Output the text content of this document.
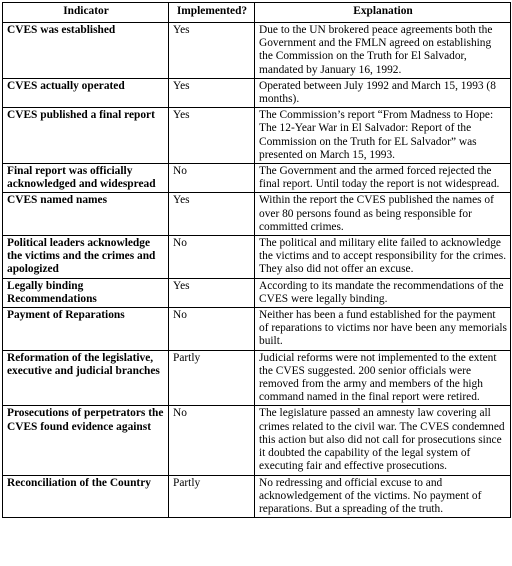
Indicator	Implemented?	Explanation
CVES was established	Yes	Due to the UN brokered peace agreements both the Government and the FMLN agreed on establishing the Commission on the Truth for El Salvador, mandated by January 16, 1992.
CVES actually operated	Yes	Operated between July 1992 and March 15, 1993 (8 months).
CVES published a final report	Yes	The Commission’s report “From Madness to Hope: The 12-Year War in El Salvador: Report of the Commission on the Truth for EL Salvador” was presented on March 15, 1993.
Final report was officially acknowledged and widespread	No	The Government and the armed forced rejected the final report. Until today the report is not widespread.
CVES named names	Yes	Within the report the CVES published the names of over 80 persons found as being responsible for committed crimes.
Political leaders acknowledge the victims and the crimes and apologized	No	The political and military elite failed to acknowledge the victims and to accept responsibility for the crimes. They also did not offer an excuse.
Legally binding Recommendations	Yes	According to its mandate the recommendations of the CVES were legally binding.
Payment of Reparations	No	Neither has been a fund established for the payment of reparations to victims nor have been any memorials built.
Reformation of the legislative, executive and judicial branches	Partly	Judicial reforms were not implemented to the extent the CVES suggested. 200 senior officials were removed from the army and members of the high command named in the final report were retired.
Prosecutions of perpetrators the CVES found evidence against	No	The legislature passed an amnesty law covering all crimes related to the civil war. The CVES condemned this action but also did not call for prosecutions since it doubted the capability of the legal system of executing fair and effective prosecutions.
Reconciliation of the Country	Partly	No redressing and official excuse to and acknowledgement of the victims. No payment of reparations. But a spreading of the truth.
